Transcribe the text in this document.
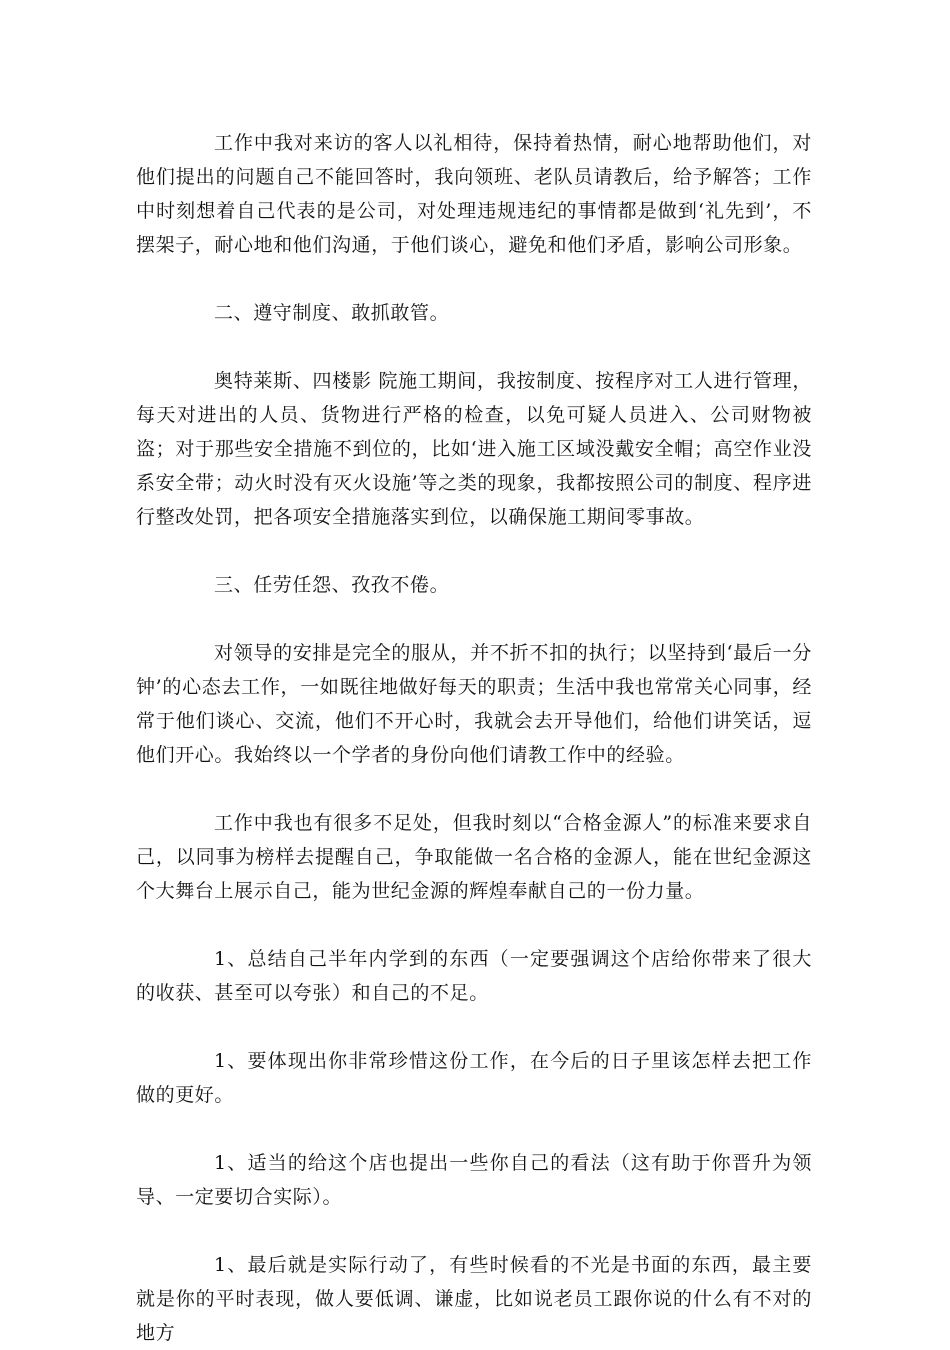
工作中我对来访的客人以礼相待，保持着热情，耐心地帮助他们，对他们提出的问题自己不能回答时，我向领班、老队员请教后，给予解答；工作中时刻想着自己代表的是公司，对处理违规违纪的事情都是做到‘礼先到’，不摆架子，耐心地和他们沟通，于他们谈心，避免和他们矛盾，影响公司形象。

二、遵守制度、敢抓敢管。

奥特莱斯、四楼影 院施工期间，我按制度、按程序对工人进行管理，每天对进出的人员、货物进行严格的检查，以免可疑人员进入、公司财物被盗；对于那些安全措施不到位的，比如‘进入施工区域没戴安全帽；高空作业没系安全带；动火时没有灭火设施’等之类的现象，我都按照公司的制度、程序进行整改处罚，把各项安全措施落实到位，以确保施工期间零事故。

三、任劳任怨、孜孜不倦。

对领导的安排是完全的服从，并不折不扣的执行；以坚持到‘最后一分钟’的心态去工作，一如既往地做好每天的职责；生活中我也常常关心同事，经常于他们谈心、交流，他们不开心时，我就会去开导他们，给他们讲笑话，逗他们开心。我始终以一个学者的身份向他们请教工作中的经验。

工作中我也有很多不足处，但我时刻以“合格金源人”的标准来要求自己，以同事为榜样去提醒自己，争取能做一名合格的金源人，能在世纪金源这个大舞台上展示自己，能为世纪金源的辉煌奉献自己的一份力量。

1、总结自己半年内学到的东西（一定要强调这个店给你带来了很大的收获、甚至可以夸张）和自己的不足。

1、要体现出你非常珍惜这份工作，在今后的日子里该怎样去把工作做的更好。

1、适当的给这个店也提出一些你自己的看法（这有助于你晋升为领导、一定要切合实际）。

1、最后就是实际行动了，有些时候看的不光是书面的东西，最主要就是你的平时表现，做人要低调、谦虚，比如说老员工跟你说的什么有不对的地方
